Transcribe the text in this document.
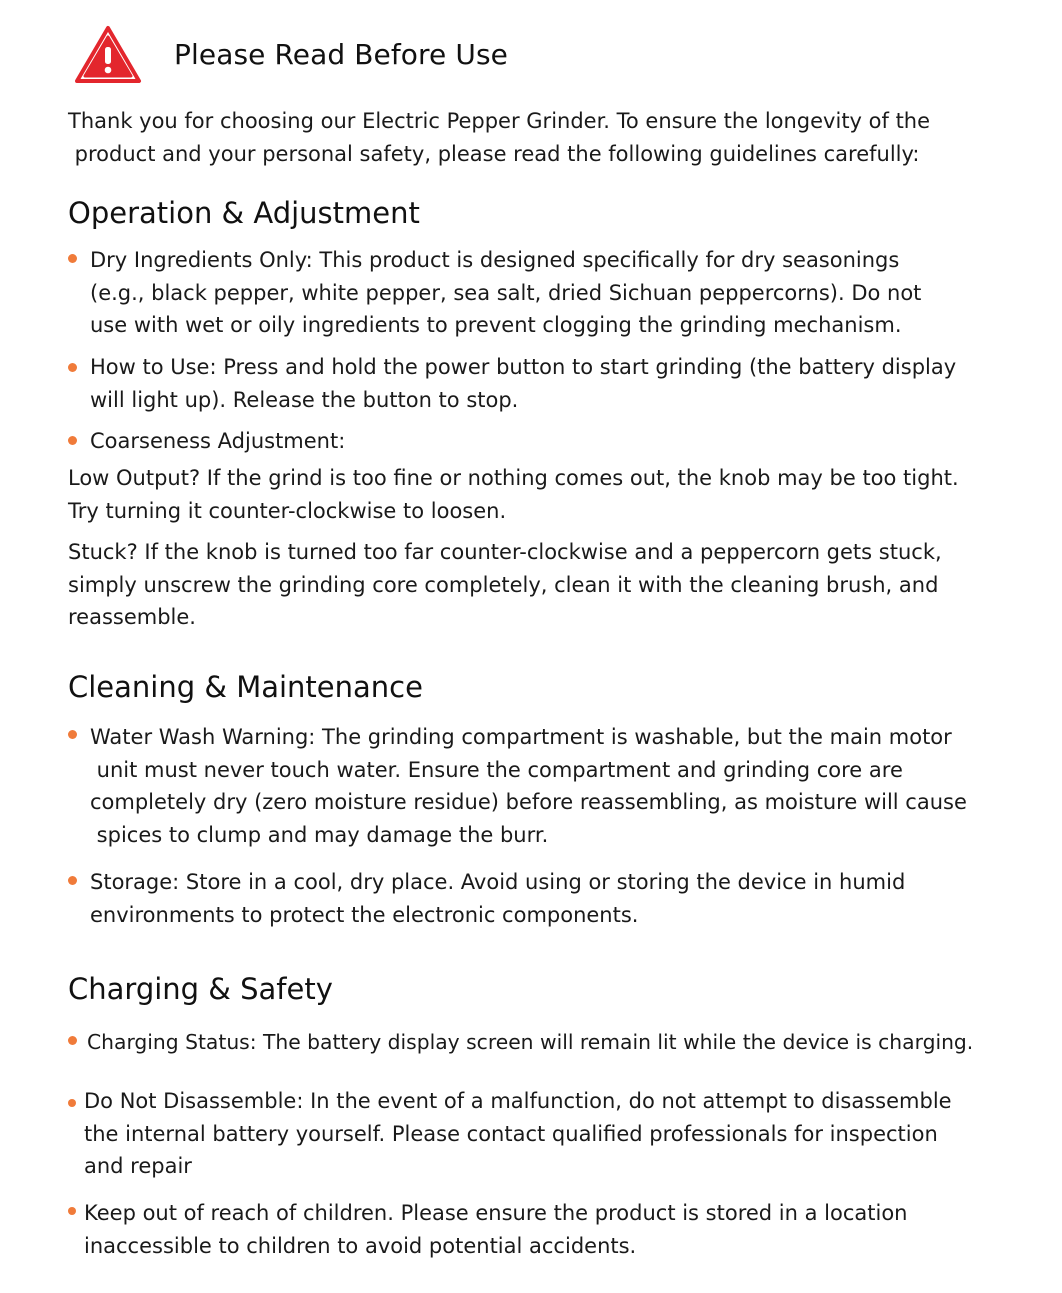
Please Read Before Use
Thank you for choosing our Electric Pepper Grinder. To ensure the longevity of the
product and your personal safety, please read the following guidelines carefully:
Operation & Adjustment
Dry Ingredients Only: This product is designed specifically for dry seasonings
(e.g., black pepper, white pepper, sea salt, dried Sichuan peppercorns). Do not
use with wet or oily ingredients to prevent clogging the grinding mechanism.
How to Use: Press and hold the power button to start grinding (the battery display
will light up). Release the button to stop.
Coarseness Adjustment:
Low Output? If the grind is too fine or nothing comes out, the knob may be too tight.
Try turning it counter-clockwise to loosen.
Stuck? If the knob is turned too far counter-clockwise and a peppercorn gets stuck,
simply unscrew the grinding core completely, clean it with the cleaning brush, and
reassemble.
Cleaning & Maintenance
Water Wash Warning: The grinding compartment is washable, but the main motor
unit must never touch water. Ensure the compartment and grinding core are
completely dry (zero moisture residue) before reassembling, as moisture will cause
spices to clump and may damage the burr.
Storage: Store in a cool, dry place. Avoid using or storing the device in humid
environments to protect the electronic components.
Charging & Safety
Charging Status: The battery display screen will remain lit while the device is charging.
Do Not Disassemble: In the event of a malfunction, do not attempt to disassemble
the internal battery yourself. Please contact qualified professionals for inspection
and repair
Keep out of reach of children. Please ensure the product is stored in a location
inaccessible to children to avoid potential accidents.
